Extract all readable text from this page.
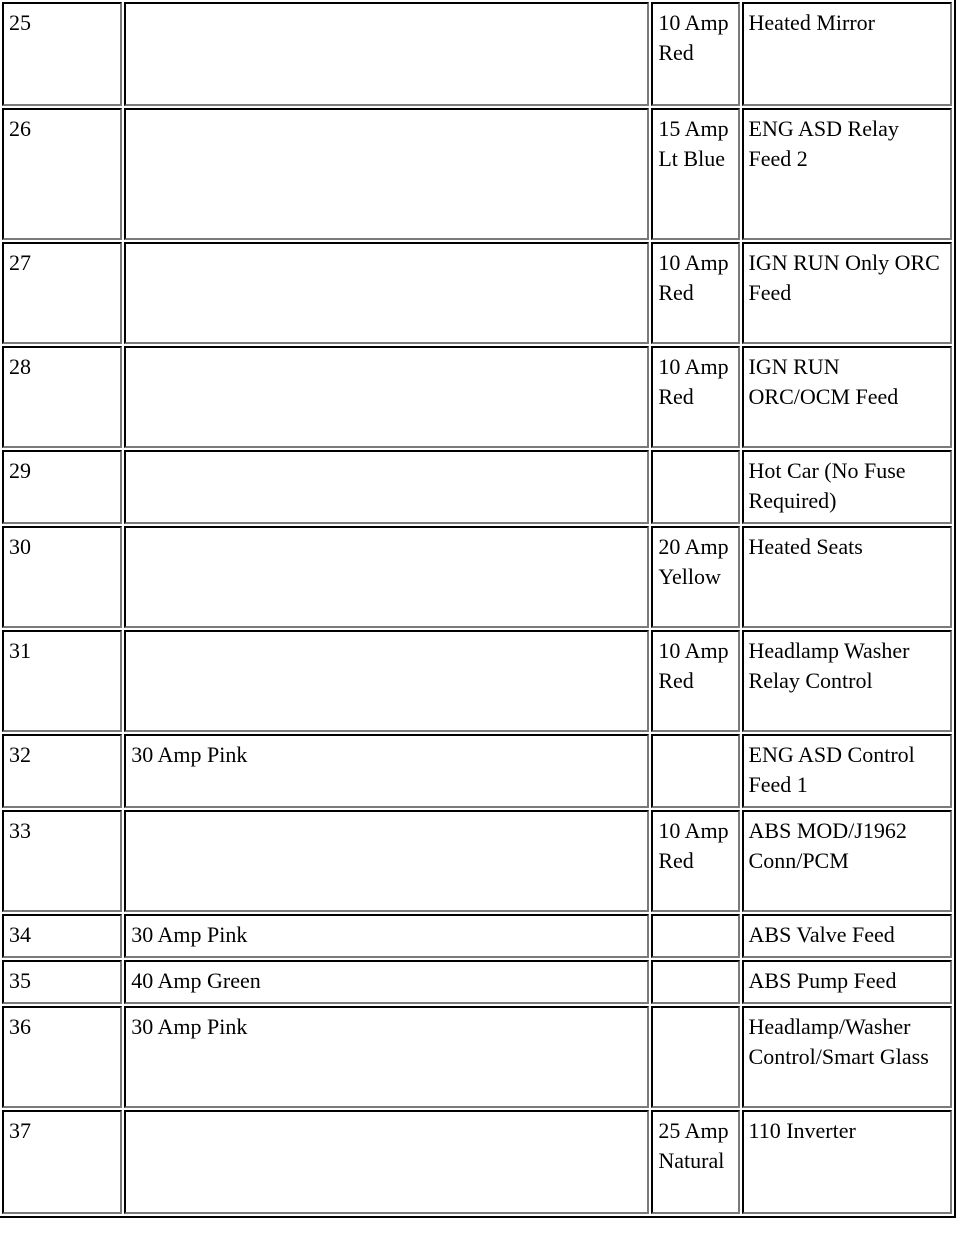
25		10 Amp Red	Heated Mirror
26		15 Amp Lt Blue	ENG ASD Relay Feed 2
27		10 Amp Red	IGN RUN Only ORC Feed
28		10 Amp Red	IGN RUN ORC/OCM Feed
29			Hot Car (No Fuse Required)
30		20 Amp Yellow	Heated Seats
31		10 Amp Red	Headlamp Washer Relay Control
32	30 Amp Pink		ENG ASD Control Feed 1
33		10 Amp Red	ABS MOD/J1962 Conn/PCM
34	30 Amp Pink		ABS Valve Feed
35	40 Amp Green		ABS Pump Feed
36	30 Amp Pink		Headlamp/Washer Control/Smart Glass
37		25 Amp Natural	110 Inverter
